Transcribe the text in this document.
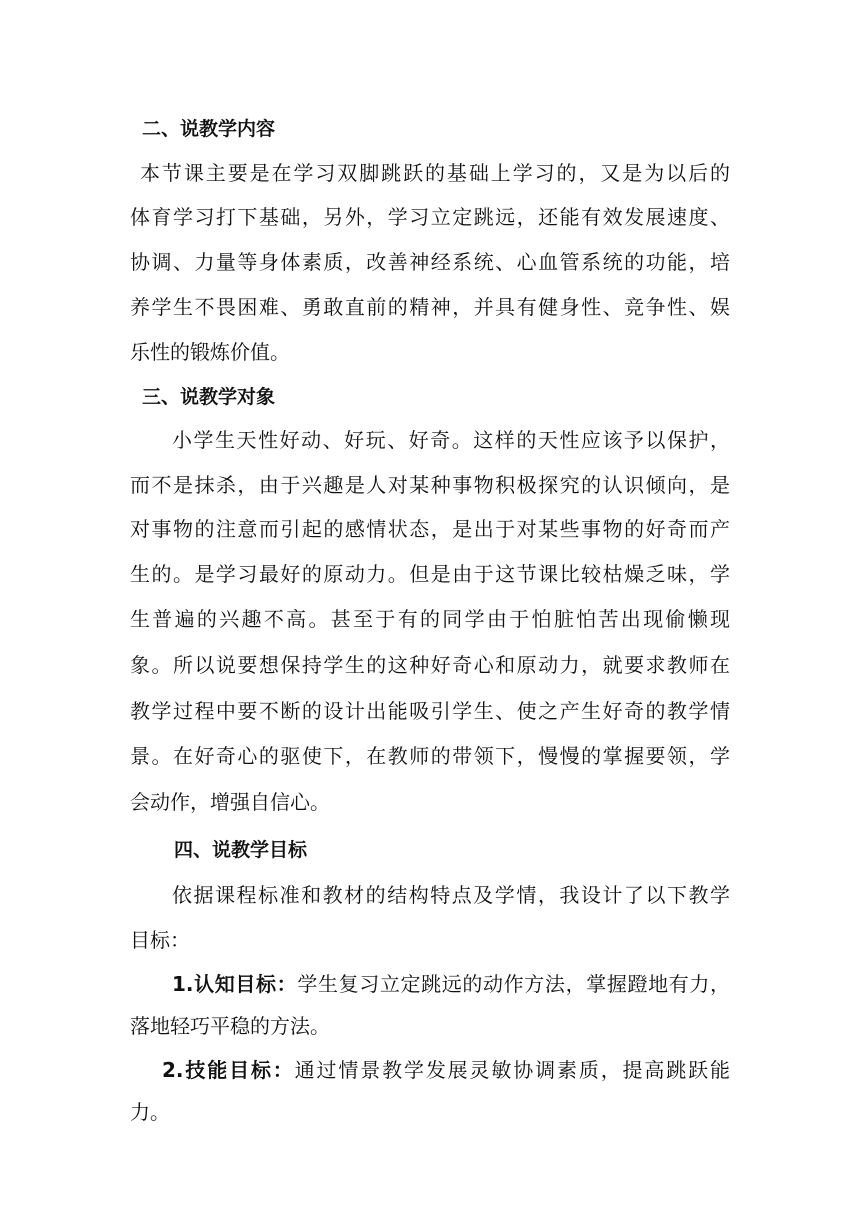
二、说教学内容
本节课主要是在学习双脚跳跃的基础上学习的，又是为以后的
体育学习打下基础，另外，学习立定跳远，还能有效发展速度、
协调、力量等身体素质，改善神经系统、心血管系统的功能，培
养学生不畏困难、勇敢直前的精神，并具有健身性、竞争性、娱
乐性的锻炼价值。
三、说教学对象
小学生天性好动、好玩、好奇。这样的天性应该予以保护，
而不是抹杀，由于兴趣是人对某种事物积极探究的认识倾向，是
对事物的注意而引起的感情状态，是出于对某些事物的好奇而产
生的。是学习最好的原动力。但是由于这节课比较枯燥乏味，学
生普遍的兴趣不高。甚至于有的同学由于怕脏怕苦出现偷懒现
象。所以说要想保持学生的这种好奇心和原动力，就要求教师在
教学过程中要不断的设计出能吸引学生、使之产生好奇的教学情
景。在好奇心的驱使下，在教师的带领下，慢慢的掌握要领，学
会动作，增强自信心。
四、说教学目标
依据课程标准和教材的结构特点及学情，我设计了以下教学
目标：
1.认知目标：学生复习立定跳远的动作方法，掌握蹬地有力，
落地轻巧平稳的方法。
2.技能目标：通过情景教学发展灵敏协调素质，提高跳跃能
力。
